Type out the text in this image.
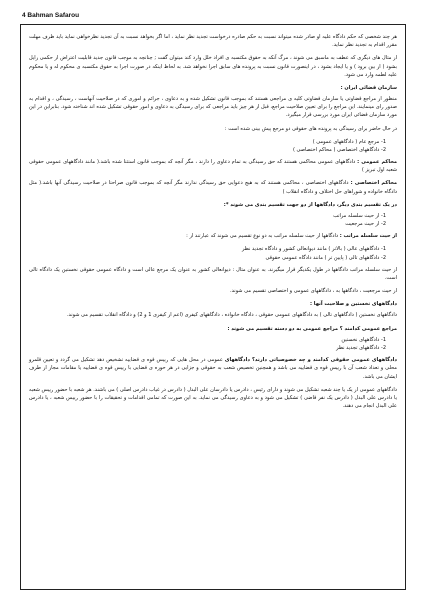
4 Bahman Safarou

هر چند شخصی که حکم دادگاه علیه او صادر شده میتواند نسبت به حکم صادره درخواست تجدید نظر نماید ، اما اگر بخواهد نسبت به آن تجدید نظرخواهی نماید باید ظرف مهلت مقرر اقدام به تجدید نظر نماید.

از مثال های دیگری که عطف به ماسبق می شوند ، مرگ آنکه به حقوق مکتسبه ی افراد خلل وارد کند میتوان گفت ; چنانچه به موجب قانون جدید قابلیت اعتراض از حکمی زایل بشود ( از بین برود ) و یا ایجاد بشود ، در اینصورت قانون نسبت به پرونده های سابق اجرا نخواهد شد. به لحاظ اینکه در صورت اجرا به حقوق مکتسبه ی محکوم له و یا محکوم علیه لطمه وارد می شود.

سازمان قضائی ایران :

منظور از مراجع قضاوتی یا سازمان قضاوتی کلیه ی مراجعی هستند که بموجب قانون تشکیل شده و به دعاوی ، جرائم و اموری که در صلاحیت آنهاست ، رسیدگی ، و اقدام به صدور رای مینمایند. این مراجع را برای تعیین صلاحیت مراجع، قبل از هر چیز باید مراجعی که برای رسیدگی به دعاوی و امور حقوقی تشکیل شده اند شناخته شود. بنابراین در این مورد سازمان قضائی ایران مورد بررسی قرار میگیرد.

در حال حاضر برای رسیدگی به پرونده های حقوقی دو مرجع پیش بینی شده است :

-1 مرجع عام ( دادگاههای عمومی )
-2 دادگاههای اختصاصی ( محاکم اختصاصی )

محاکم عمومی : دادگاههای عمومی محاکمی هستند که حق رسیدگی به تمام دعاوی را دارند ، مگر آنچه که بموجب قانون استثنا شده باشد.( مانند دادگاههای عمومی حقوقی شعبه اول تبریز )

محاکم اختصاصی : دادگاههای اختصاصی ، محاکمی هستند که به هیچ دعوایی حق رسیدگی ندارند مگر آنچه که بموجب قانون صراحتا در صلاحیت رسیدگی آنها باشد.( مثل دادگاه خانواده و شوراهای حل اختلاف و دادگاه انقلاب )

در یک تقسیم بندی دیگر، دادگاهها از دو جهت تقسیم بندی می شوند *:
-1 از حیث سلسله مراتب
-2 از حیث مرجعیت

از حیث سلسله مراتب : دادگاهها از حیث سلسله مراتب به دو نوع تقسیم می شوند که عبارتند از :

-1 دادگاههای عالی ( بالاتر ) مانند دیوانعالی کشور و دادگاه تجدید نظر
-2 دادگاههای تالی ( پایین تر ) مانند دادگاه عمومی حقوقی

از حیث سلسله مراتب دادگاهها در طول یکدیگر قرار میگیرند. به عنوان مثال : دیوانعالی کشور به عنوان یک مرجع عالی است و دادگاه عمومی حقوقی نخستین یک دادگاه تالی است.

از حیث مرجعیت ، دادگاهها به ، دادگاههای عمومی و اختصاصی تقسیم می شوند.

دادگاههای نخستین و صلاحیت آنها :

دادگاههای نخستین ( دادگاههای تالی ) به دادگاههای عمومی حقوقی ، دادگاه خانواده ، دادگاههای کیفری (اعم از کیفری 1 و 2) و دادگاه انقلاب تقسیم می شوند.

مراجع عمومی کدامند ؟ مراجع عمومی به دو دسته تقسیم می شوند :
-1 دادگاههای نخستین
-2 دادگاههای تجدید نظر

دادگاههای عمومی حقوقی کدامند و چه خصوصیاتی دارند؟ دادگاههای عمومی در محل هایی که رییس قوه ی قضاییه تشخیص دهد تشکیل می گردد و تعیین قلمرو محلی و تعداد شعب آن با رییس قوه ی قضاییه می باشد و همچنین تخصیص شعب به حقوقی و جزایی در هر حوزه ی قضایی با رییس قوه ی قضاییه یا مقامات مجاز از طرف ایشان می باشد.

دادگاههای عمومی از یک یا چند شعبه تشکیل می شوند و دارای رئیس ، دادرس یا دادرسان علی البدل ( دادرس در غیاب دادرس اصلی ) می باشند. هر شعبه با حضور رییس شعبه یا دادرس علی البدل ( دادرس یک نفر قاضی ) تشکیل می شود و به دعاوی رسیدگی می نماید. به این صورت که تمامی اقدامات و تحقیقات را با حضور رییس شعبه ، یا دادرس علی البدل انجام می دهند.
